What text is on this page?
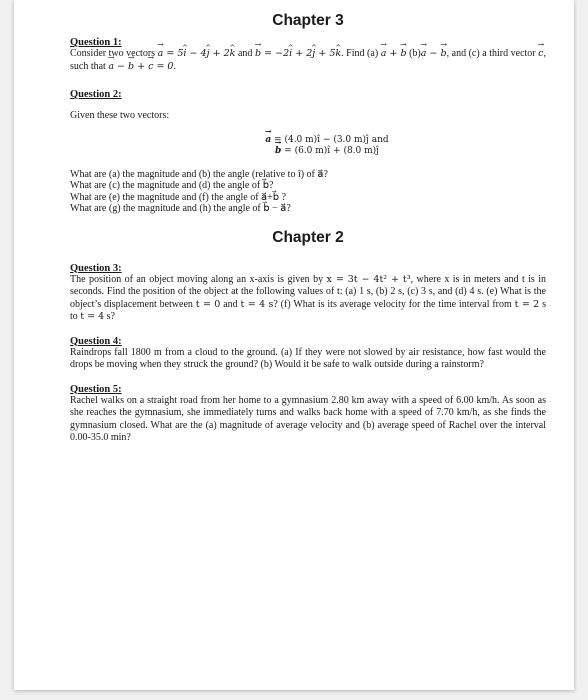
Chapter 3

Question 1:

Consider two vectors → a = 5^ i − 4^ j + 2^ k and → b = −2^ i + 2^ j + 5^ k. Find (a) → a + → b (b)→ a − → b, and (c) a third vector → c, such that → a − → b + → c = 0.

Question 2:

Given these two vectors:

→ a = (4.0 m)î − (3.0 m)ĵ and

→ b = (6.0 m)î + (8.0 m)ĵ

What are (a) the magnitude and (b) the angle (relative to î) of a⃗?
What are (c) the magnitude and (d) the angle of b⃗?
What are (e) the magnitude and (f) the angle of a⃗+b⃗ ?
What are (g) the magnitude and (h) the angle of b⃗ − a⃗?
Chapter 2

Question 3:

The position of an object moving along an x-axis is given by x = 3t − 4t² + t³, where x is in meters and t is in seconds. Find the position of the object at the following values of t: (a) 1 s, (b) 2 s, (c) 3 s, and (d) 4 s. (e) What is the object’s displacement between t = 0 and t = 4 s? (f) What is its average velocity for the time interval from t = 2 s to t = 4 s?

Question 4:

Raindrops fall 1800 m from a cloud to the ground. (a) If they were not slowed by air resistance, how fast would the drops be moving when they struck the ground? (b) Would it be safe to walk outside during a rainstorm?

Question 5:

Rachel walks on a straight road from her home to a gymnasium 2.80 km away with a speed of 6.00 km/h. As soon as she reaches the gymnasium, she immediately turns and walks back home with a speed of 7.70 km/h, as she finds the gymnasium closed. What are the (a) magnitude of average velocity and (b) average speed of Rachel over the interval 0.00-35.0 min?
